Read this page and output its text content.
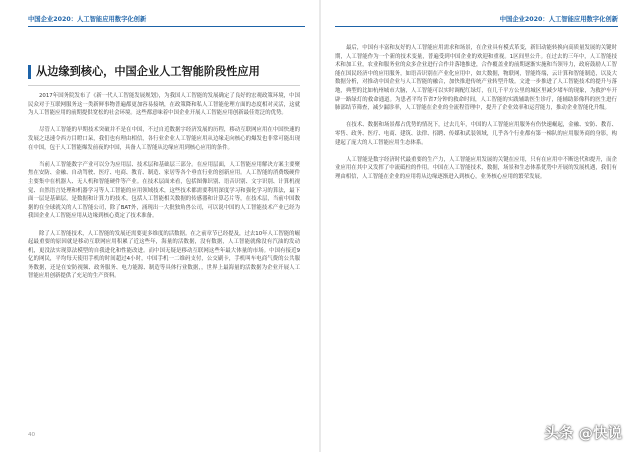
中国企业2020：人工智能应用数字化创新
从边缘到核心，中国企业人工智能阶段性应用

2017年国务院发布了《新一代人工智能发展规划》，为我国人工智能的发展确定了良好的宏观政策环境，中国民众对于互联网服务这一类新鲜事物普遍都更加容易接纳，在政策降和私人工智能伦理方面的态度相对灵活，这就为人工智能应用的前期提供宽松的社会环境。这些都意味着中国企业开展人工智能应用创新最佳宽泛的优势。

尽管人工智能的早期技术突破并不是在中国，不过自近数据字经济发展的历程，移动互联网应用在中国快速的发展之迅速令西方目瞪口呆，我们也有理由相信，各行业企业人工智能应用从边缘走向核心的爆发也非常可能出现在中国，包于人工智能爆发前夜的中国，具备人工智能从边缘应用到核心应用的条件。

当前人工智能数字产业可以分为应用层、技术层和基础层三部分。在应用层面，人工智能应用解决方案主要聚焦在安防、金融、自动驾驶、医疗、电商、教育、制造、家居等各个垂直行业的创新应用。人工智能的消费级硬件主要集中在机器人、无人机和智能硬件等产业。在技术层面来看，包括图像识别、语音识别、文字识别、计算机视觉、自然语言处理和机器学习等人工智能的应用领域技术，这些技术都需要利用深度学习和强化学习的算法，最下面一层是基础层，是数据和计算力的技术。包括人工智能相关数据的传感器和计算芯片等，在技术层，当前中国数据的在全球就关的人工智能公司，除了BAT外，涌现出一大批独角兽公司，可以说中国的人工智能技术产业已经为我国企业人工智能应用从边缘到核心奠定了技术准备。

除了人工智能技术，人工智能的发展还需要更多维度的活数据。在之前章节已经提及，过去10年人工智能的崛起最重要的原因就是移动互联网应用积累了近这些年，海量的活数据，没有数据，人工智能就像没有汽油的发动机，更没法实现算法模型的自我进化和性能改进。而中国无疑是移动互联网这些年最大体量的市场。中国有接近9亿的网民，平均每天使用手机的时间超过4小时，中国手机一二维码支付，公交刷卡，手机叫车电商气费的公共服务数据，还是在安防视频、政务服务、电力能源、制造等具体行业数据，，世界上最海量的活数据为企业开展人工智能应用创新提供了充足的生产资料。

40
中国企业2020：人工智能应用数字化创新

最后，中国有丰富和友好的人工智能应用需求和场景，在企业具有模式革变，新旧动能转换向高质量发展的关键时期，人工智能作为一个新的技术变量，普遍受到中国企业的欢迎和重视。1区间里公升。在过去的三年中，人工智能技术和加工业，农业和服务业的众多企业进行合作并落地推进，合作覆盖业的前期逐渐实施和当领导力，政府鼓励人工智能在国民经济中的应用服务，如语音识别在产业化应用中，如大数据，物联网，智能终端，云计算和智能制造，以及大数据分析，对推动中国企业与人工智能的融合，加快推进传统产业转型升级。文进一步推进了人工智能技术的提升与落地，典型的比如杭州城市大脑，人工智能可以实时调配红绿灯，在几千平方公里的城区里减少堵车的现象，为救护车开辟一路绿灯的救命通道。为患者平均节省7分钟的救命时间，人工智能的实践辅助医生诊疗，能辅助影像科的医生进行肺部结节筛查，减少漏诊率，人工智能在企业的全流程管理中，提升了企业效率和运营能力，推动企业智能化升级。

在技术、数据和场景都占优势的情况下，过去几年，中国的人工智能应用服务有伤快速崛起，金融、安防、教育、零售、政务、医疗、电商、建筑、法律、招聘、传媒和武装领域，几乎各个行业都有第一梯队的应用服务商的身影，构建起了庞大的人工智能应用生态体系。

人工智能是数字经济时代最重要的生产力，人工智能应用发展的关键在应用，只有在应用中不断迭代和提升，而企业应用在其中又发挥了中流砥柱的作用。中国在人工智能技术，数据，场景和生态体系优势中开展的发展机遇，我们有理由相信，人工智能在企业的应用将从边缘逐渐进入到核心，业务核心应用的繁荣发展。

头条 @快说
